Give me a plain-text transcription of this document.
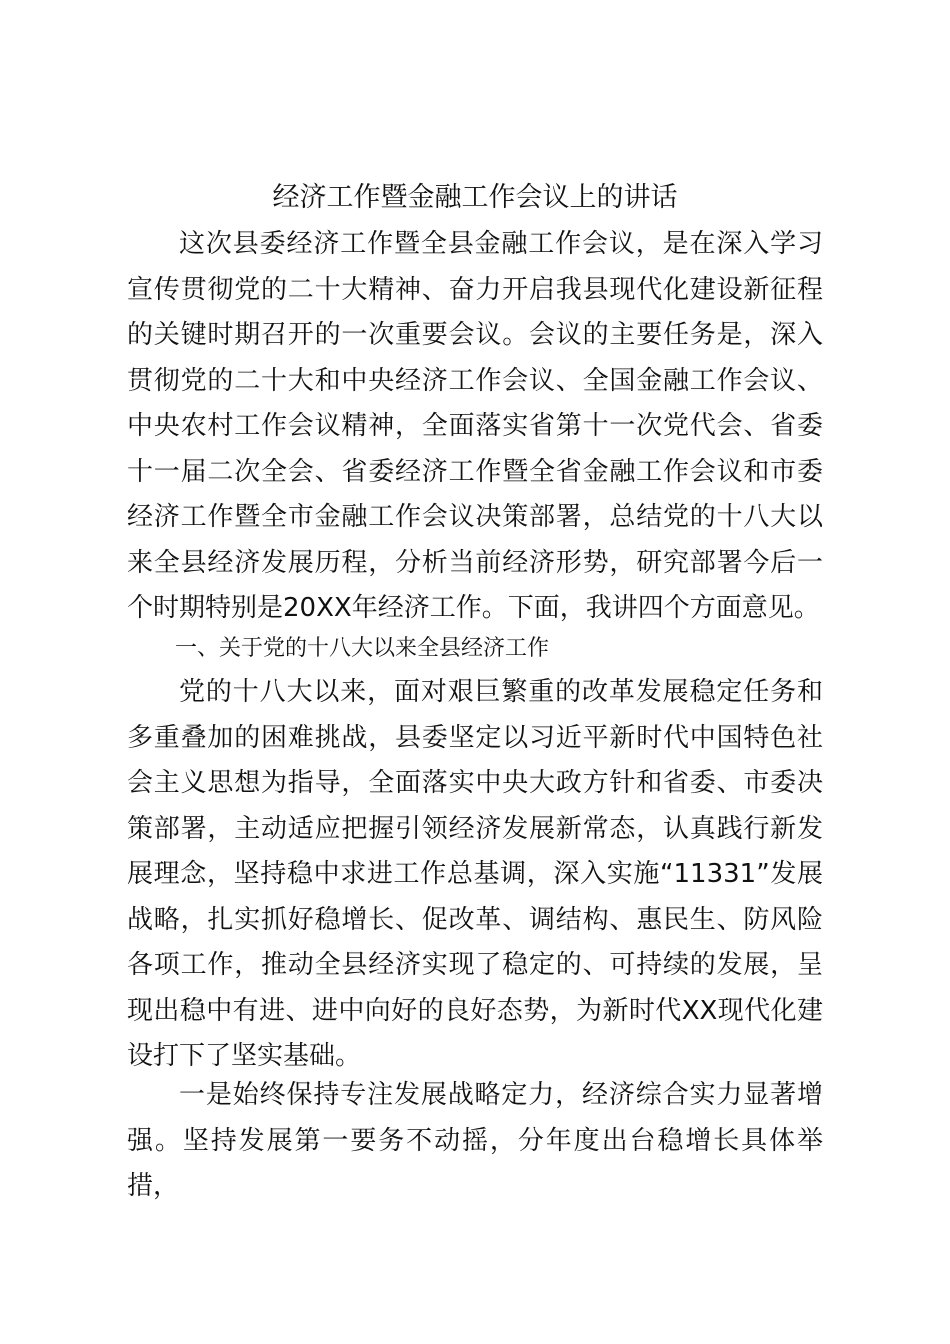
经济工作暨金融工作会议上的讲话

这次县委经济工作暨全县金融工作会议，是在深入学习宣传贯彻党的二十大精神、奋力开启我县现代化建设新征程的关键时期召开的一次重要会议。会议的主要任务是，深入贯彻党的二十大和中央经济工作会议、全国金融工作会议、中央农村工作会议精神，全面落实省第十一次党代会、省委十一届二次全会、省委经济工作暨全省金融工作会议和市委经济工作暨全市金融工作会议决策部署，总结党的十八大以来全县经济发展历程，分析当前经济形势，研究部署今后一个时期特别是20XX年经济工作。下面，我讲四个方面意见。

一、关于党的十八大以来全县经济工作

党的十八大以来，面对艰巨繁重的改革发展稳定任务和多重叠加的困难挑战，县委坚定以习近平新时代中国特色社会主义思想为指导，全面落实中央大政方针和省委、市委决策部署，主动适应把握引领经济发展新常态，认真践行新发展理念，坚持稳中求进工作总基调，深入实施“11331”发展战略，扎实抓好稳增长、促改革、调结构、惠民生、防风险各项工作，推动全县经济实现了稳定的、可持续的发展，呈现出稳中有进、进中向好的良好态势，为新时代XX现代化建设打下了坚实基础。

一是始终保持专注发展战略定力，经济综合实力显著增强。坚持发展第一要务不动摇，分年度出台稳增长具体举措，
